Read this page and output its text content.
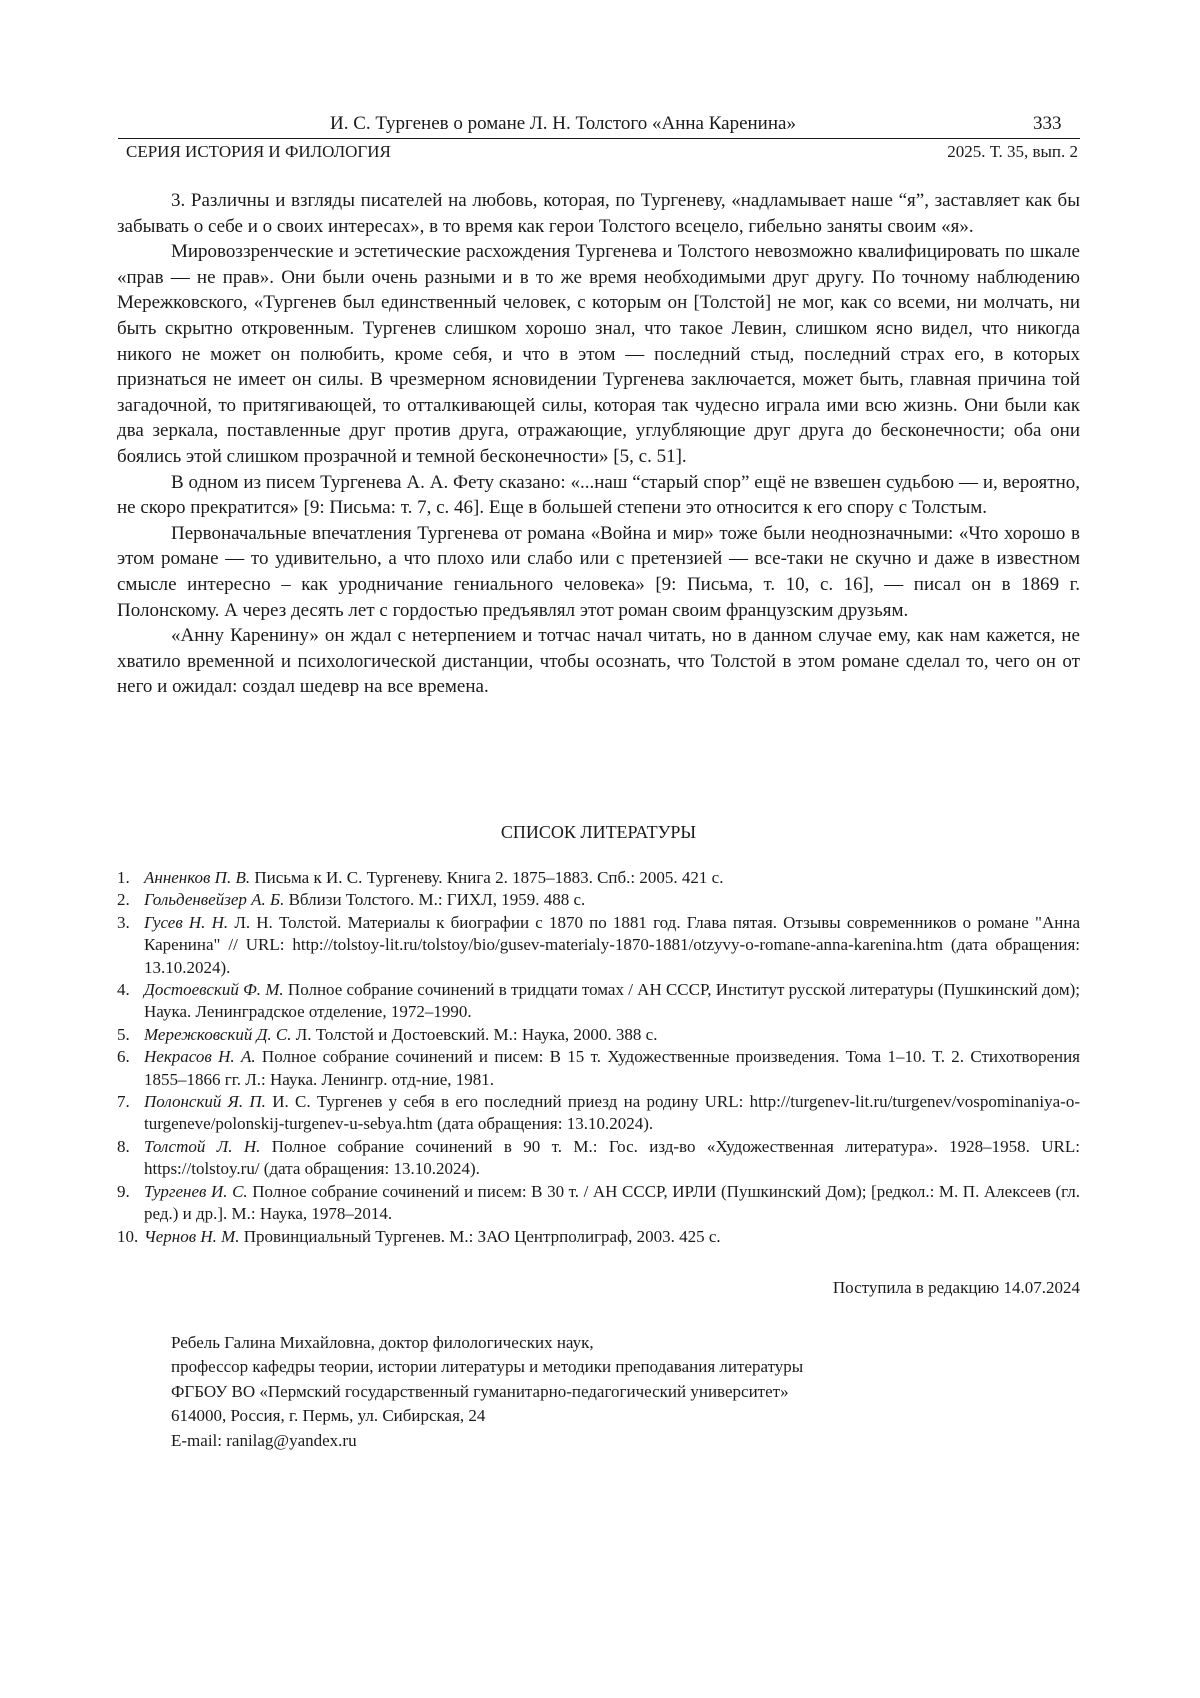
И. С. Тургенев о романе Л. Н. Толстого «Анна Каренина»	333
СЕРИЯ ИСТОРИЯ И ФИЛОЛОГИЯ	2025. Т. 35, вып. 2

3. Различны и взгляды писателей на любовь, которая, по Тургеневу, «надламывает наше “я”, заставляет как бы забывать о себе и о своих интересах», в то время как герои Толстого всецело, гибельно заняты своим «я».

Мировоззренческие и эстетические расхождения Тургенева и Толстого невозможно квалифицировать по шкале «прав — не прав». Они были очень разными и в то же время необходимыми друг другу. По точному наблюдению Мережковского, «Тургенев был единственный человек, с которым он [Толстой] не мог, как со всеми, ни молчать, ни быть скрытно откровенным. Тургенев слишком хорошо знал, что такое Левин, слишком ясно видел, что никогда никого не может он полюбить, кроме себя, и что в этом — последний стыд, последний страх его, в которых признаться не имеет он силы. В чрезмерном ясновидении Тургенева заключается, может быть, главная причина той загадочной, то притягивающей, то отталкивающей силы, которая так чудесно играла ими всю жизнь. Они были как два зеркала, поставленные друг против друга, отражающие, углубляющие друг друга до бесконечности; оба они боялись этой слишком прозрачной и темной бесконечности» [5, с. 51].

В одном из писем Тургенева А. А. Фету сказано: «...наш “старый спор” ещё не взвешен судьбою — и, вероятно, не скоро прекратится» [9: Письма: т. 7, с. 46]. Еще в большей степени это относится к его спору с Толстым.

Первоначальные впечатления Тургенева от романа «Война и мир» тоже были неоднозначными: «Что хорошо в этом романе — то удивительно, а что плохо или слабо или с претензией — все-таки не скучно и даже в известном смысле интересно – как уродничание гениального человека» [9: Письма, т. 10, с. 16], — писал он в 1869 г. Полонскому. А через десять лет с гордостью предъявлял этот роман своим французским друзьям.

«Анну Каренину» он ждал с нетерпением и тотчас начал читать, но в данном случае ему, как нам кажется, не хватило временной и психологической дистанции, чтобы осознать, что Толстой в этом романе сделал то, чего он от него и ожидал: создал шедевр на все времена.

СПИСОК ЛИТЕРАТУРЫ
1. Анненков П. В. Письма к И. С. Тургеневу. Книга 2. 1875–1883. Спб.: 2005. 421 с.
2. Гольденвейзер А. Б. Вблизи Толстого. М.: ГИХЛ, 1959. 488 с.
3. Гусев Н. Н. Л. Н. Толстой. Материалы к биографии с 1870 по 1881 год. Глава пятая. Отзывы современников о романе "Анна Каренина" // URL: http://tolstoy-lit.ru/tolstoy/bio/gusev-materialy-1870-1881/otzyvy-o-romane-anna-karenina.htm (дата обращения: 13.10.2024).
4. Достоевский Ф. М. Полное собрание сочинений в тридцати томах / АН СССР, Институт русской литературы (Пушкинский дом); Наука. Ленинградское отделение, 1972–1990.
5. Мережковский Д. С. Л. Толстой и Достоевский. М.: Наука, 2000. 388 с.
6. Некрасов Н. А. Полное собрание сочинений и писем: В 15 т. Художественные произведения. Тома 1–10. Т. 2. Стихотворения 1855–1866 гг. Л.: Наука. Ленингр. отд-ние, 1981.
7. Полонский Я. П. И. С. Тургенев у себя в его последний приезд на родину URL: http://turgenev-lit.ru/turgenev/vospominaniya-o-turgeneve/polonskij-turgenev-u-sebya.htm (дата обращения: 13.10.2024).
8. Толстой Л. Н. Полное собрание сочинений в 90 т. М.: Гос. изд-во «Художественная литература». 1928–1958. URL: https://tolstoy.ru/ (дата обращения: 13.10.2024).
9. Тургенев И. С. Полное собрание сочинений и писем: В 30 т. / АН СССР, ИРЛИ (Пушкинский Дом); [редкол.: М. П. Алексеев (гл. ред.) и др.]. М.: Наука, 1978–2014.
10. Чернов Н. М. Провинциальный Тургенев. М.: ЗАО Центрполиграф, 2003. 425 с.
Поступила в редакцию 14.07.2024
Ребель Галина Михайловна, доктор филологических наук,
профессор кафедры теории, истории литературы и методики преподавания литературы
ФГБОУ ВО «Пермский государственный гуманитарно-педагогический университет»
614000, Россия, г. Пермь, ул. Сибирская, 24
E-mail: ranilag@yandex.ru
